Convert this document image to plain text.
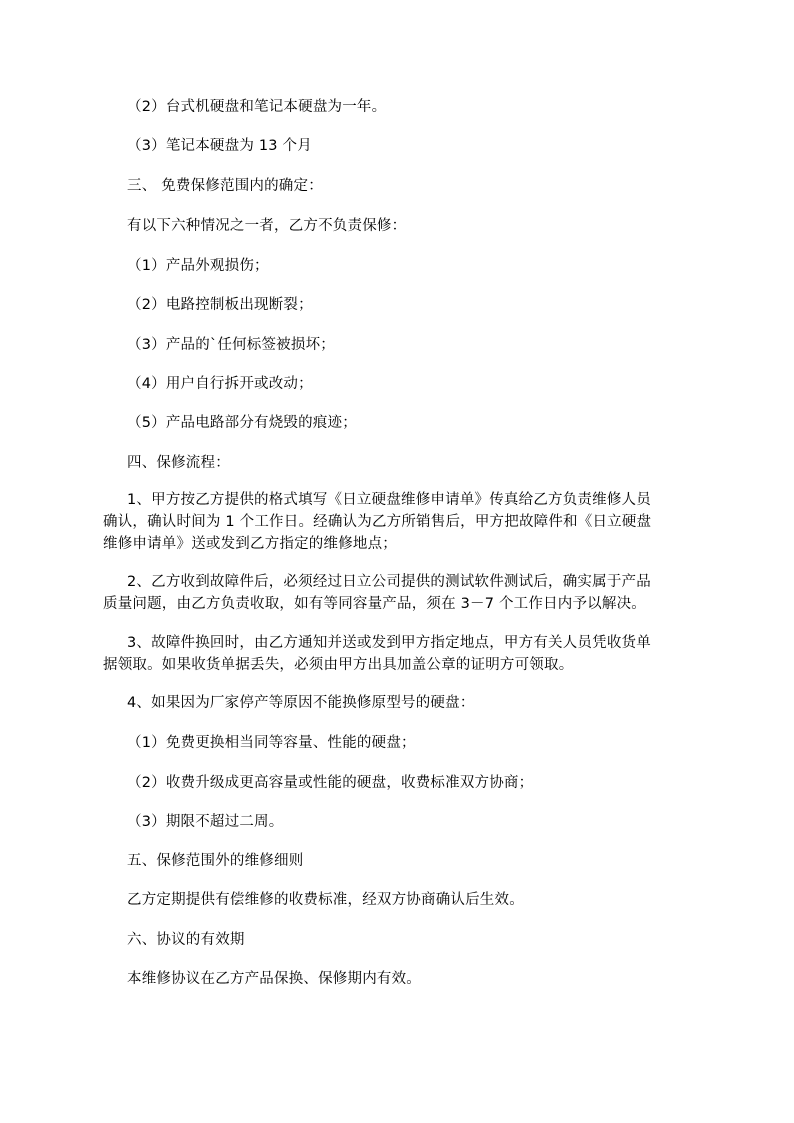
（2）台式机硬盘和笔记本硬盘为一年。
（3）笔记本硬盘为 13 个月
三、 免费保修范围内的确定：
有以下六种情况之一者，乙方不负责保修：
（1）产品外观损伤；
（2）电路控制板出现断裂；
（3）产品的`任何标签被损坏；
（4）用户自行拆开或改动；
（5）产品电路部分有烧毁的痕迹；
四、保修流程：
1、甲方按乙方提供的格式填写《日立硬盘维修申请单》传真给乙方负责维修人员
确认，确认时间为 1 个工作日。经确认为乙方所销售后，甲方把故障件和《日立硬盘
维修申请单》送或发到乙方指定的维修地点；
2、乙方收到故障件后，必须经过日立公司提供的测试软件测试后，确实属于产品
质量问题，由乙方负责收取，如有等同容量产品，须在 3－7 个工作日内予以解决。
3、故障件换回时，由乙方通知并送或发到甲方指定地点，甲方有关人员凭收货单
据领取。如果收货单据丢失，必须由甲方出具加盖公章的证明方可领取。
4、如果因为厂家停产等原因不能换修原型号的硬盘：
（1）免费更换相当同等容量、性能的硬盘；
（2）收费升级成更高容量或性能的硬盘，收费标准双方协商；
（3）期限不超过二周。
五、保修范围外的维修细则
乙方定期提供有偿维修的收费标准，经双方协商确认后生效。
六、协议的有效期
本维修协议在乙方产品保换、保修期内有效。
